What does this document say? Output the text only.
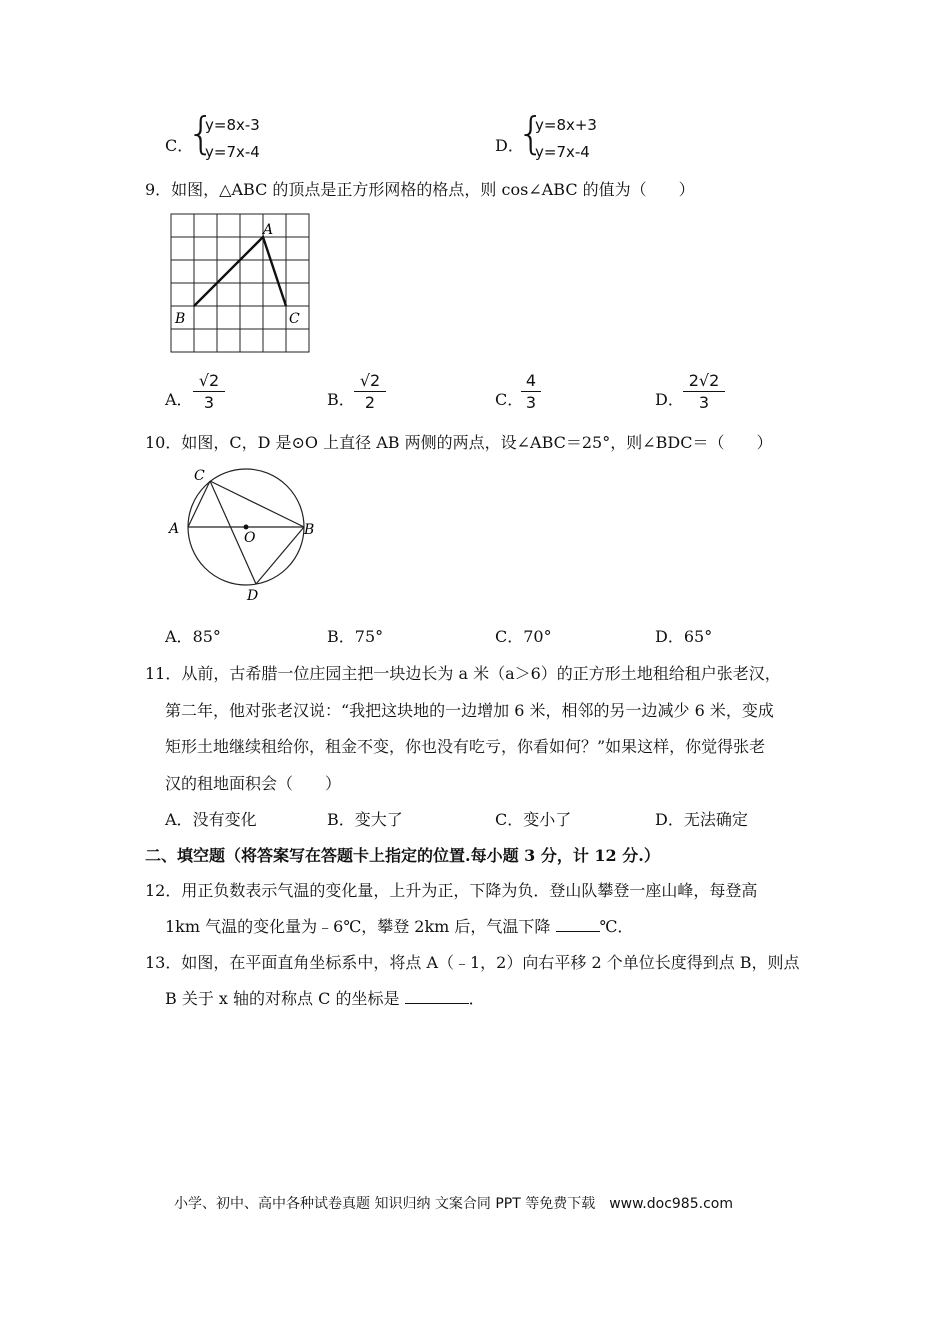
C．
{
y=8x-3
y=7x-4	D．
{
y=8x+3
y=7x-4
9．如图，△ABC 的顶点是正方形网格的格点，则 cos∠ABC 的值为（　　）
A
B	C
A．
√2
3	B．
√2
2	C．
4
3	D．
2√2
3
10．如图，C，D 是⊙O 上直径 AB 两侧的两点，设∠ABC＝25°，则∠BDC＝（　　）
C
A	B
O
D
A．85°	B．75°	C．70°	D．65°
11．从前，古希腊一位庄园主把一块边长为 a 米（a＞6）的正方形土地租给租户张老汉，
第二年，他对张老汉说：“我把这块地的一边增加 6 米，相邻的另一边减少 6 米，变成
矩形土地继续租给你，租金不变，你也没有吃亏，你看如何？”如果这样，你觉得张老
汉的租地面积会（　　）
A．没有变化	B．变大了	C．变小了	D．无法确定
二、填空题（将答案写在答题卡上指定的位置.每小题 3 分，计 12 分.）
12．用正负数表示气温的变化量，上升为正，下降为负．登山队攀登一座山峰，每登高
1km 气温的变化量为﹣6℃，攀登 2km 后，气温下降	℃．
13．如图，在平面直角坐标系中，将点 A（﹣1，2）向右平移 2 个单位长度得到点 B，则点
B 关于 x 轴的对称点 C 的坐标是	．
小学、初中、高中各种试卷真题 知识归纳 文案合同 PPT 等免费下载　www.doc985.com
